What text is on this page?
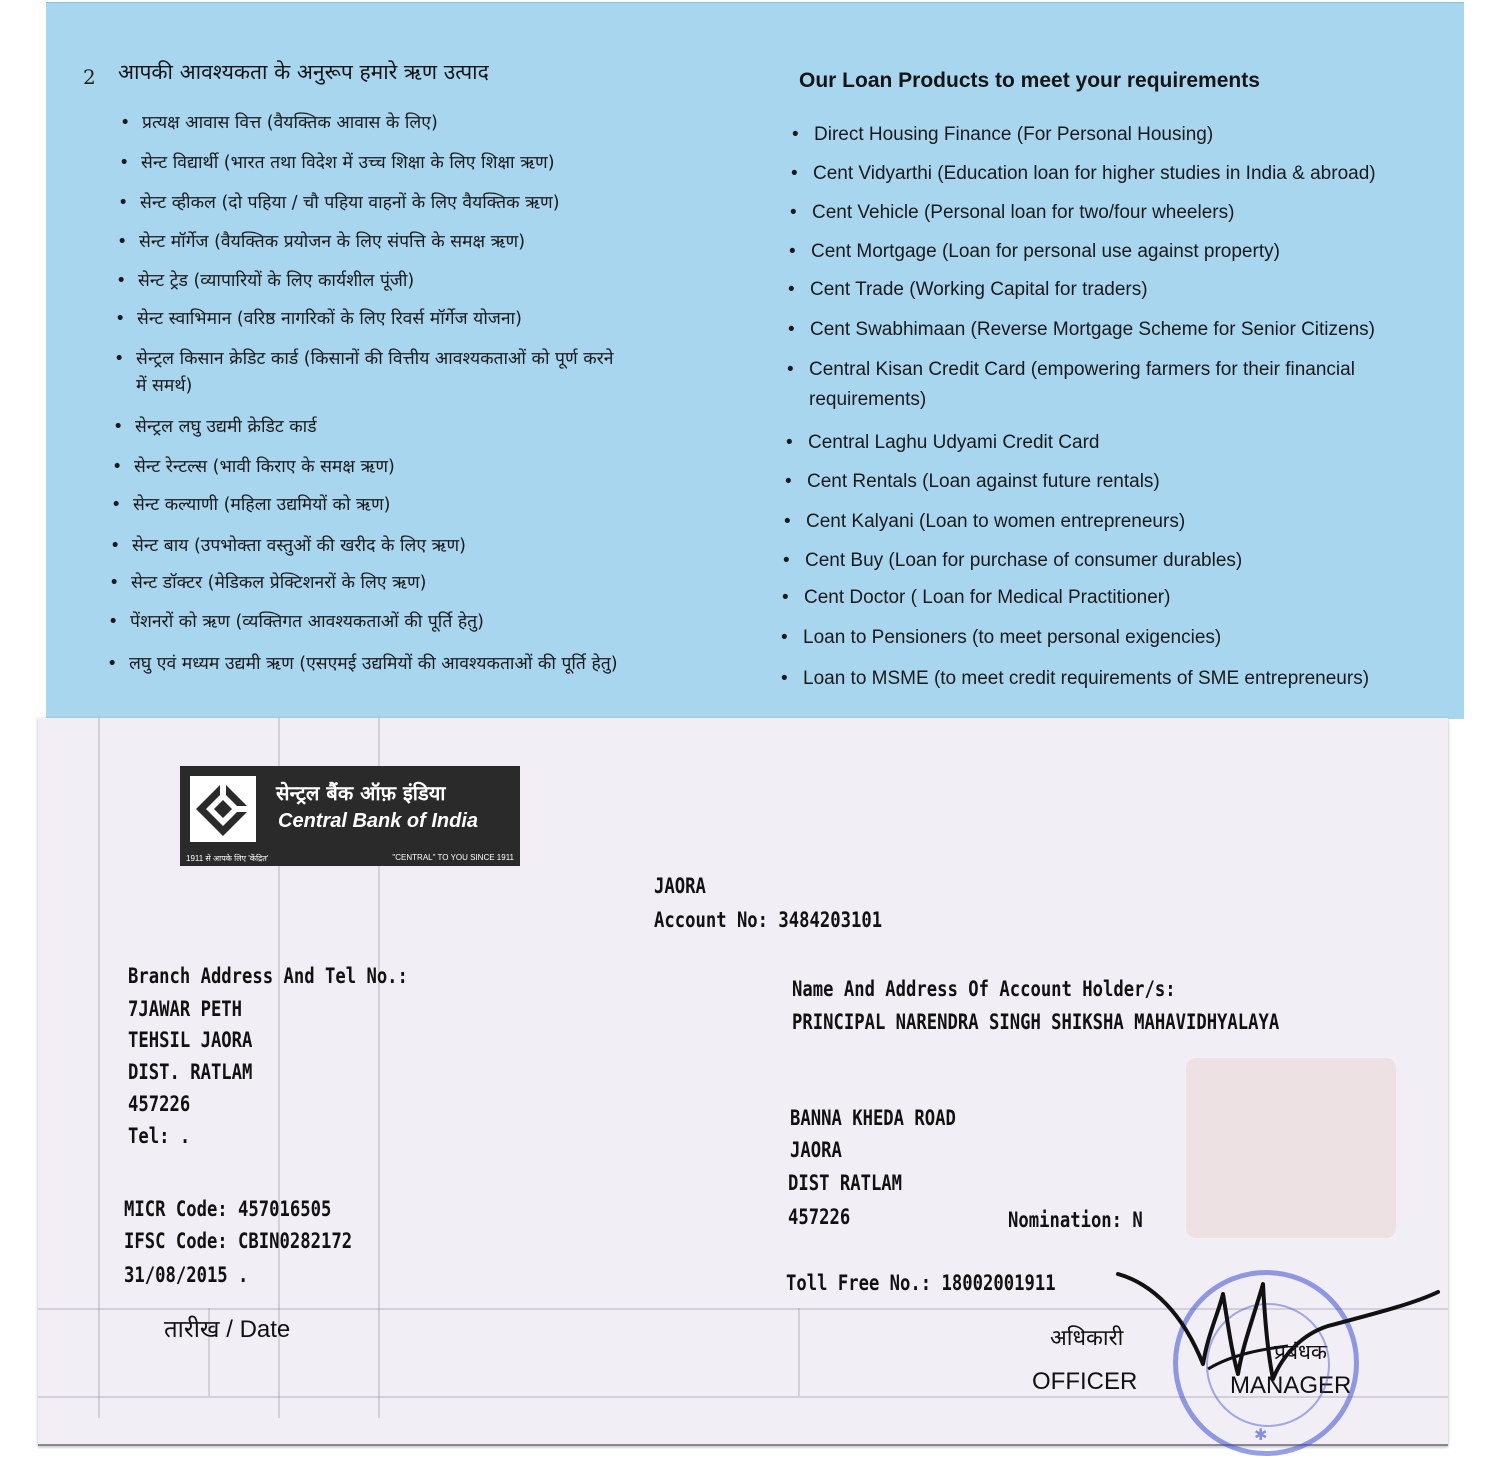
2 आपकी आवश्यकता के अनुरूप हमारे ऋण उत्पाद	Our Loan Products to meet your requirements
• प्रत्यक्ष आवास वित्त (वैयक्तिक आवास के लिए)
• सेन्ट विद्यार्थी (भारत तथा विदेश में उच्च शिक्षा के लिए शिक्षा ऋण)
• सेन्ट व्हीकल (दो पहिया / चौ पहिया वाहनों के लिए वैयक्तिक ऋण)
• सेन्ट मॉर्गेज (वैयक्तिक प्रयोजन के लिए संपत्ति के समक्ष ऋण)
• सेन्ट ट्रेड (व्यापारियों के लिए कार्यशील पूंजी)
• सेन्ट स्वाभिमान (वरिष्ठ नागरिकों के लिए रिवर्स मॉर्गेज योजना)
• सेन्ट्रल किसान क्रेडिट कार्ड (किसानों की वित्तीय आवश्यकताओं को पूर्ण करने
में समर्थ)
• सेन्ट्रल लघु उद्यमी क्रेडिट कार्ड
• सेन्ट रेन्टल्स (भावी किराए के समक्ष ऋण)
• सेन्ट कल्याणी (महिला उद्यमियों को ऋण)
• सेन्ट बाय (उपभोक्ता वस्तुओं की खरीद के लिए ऋण)
• सेन्ट डॉक्टर (मेडिकल प्रेक्टिशनरों के लिए ऋण)
• पेंशनरों को ऋण (व्यक्तिगत आवश्यकताओं की पूर्ति हेतु)
• लघु एवं मध्यम उद्यमी ऋण (एसएमई उद्यमियों की आवश्यकताओं की पूर्ति हेतु)
• Direct Housing Finance (For Personal Housing)
• Cent Vidyarthi (Education loan for higher studies in India & abroad)
• Cent Vehicle (Personal loan for two/four wheelers)
• Cent Mortgage (Loan for personal use against property)
• Cent Trade (Working Capital for traders)
• Cent Swabhimaan (Reverse Mortgage Scheme for Senior Citizens)
• Central Kisan Credit Card (empowering farmers for their financial
requirements)
• Central Laghu Udyami Credit Card
• Cent Rentals (Loan against future rentals)
• Cent Kalyani (Loan to women entrepreneurs)
• Cent Buy (Loan for purchase of consumer durables)
• Cent Doctor ( Loan for Medical Practitioner)
• Loan to Pensioners (to meet personal exigencies)
• Loan to MSME (to meet credit requirements of SME entrepreneurs)
सेन्ट्रल बैंक ऑफ़ इंडिया
Central Bank of India
1911 से आपके लिए 'केंद्रित'	"CENTRAL" TO YOU SINCE 1911
JAORA
Account No: 3484203101
Branch Address And Tel No.:
7JAWAR PETH
TEHSIL JAORA
DIST. RATLAM
457226
Tel: .
MICR Code: 457016505
IFSC Code: CBIN0282172
31/08/2015 .
Name And Address Of Account Holder/s:
PRINCIPAL NARENDRA SINGH SHIKSHA MAHAVIDHYALAYA
BANNA KHEDA ROAD
JAORA
DIST RATLAM
457226	Nomination: N
Toll Free No.: 18002001911
तारीख / Date	अधिकारी
OFFICER
प्रबंधक
MANAGER
✱
